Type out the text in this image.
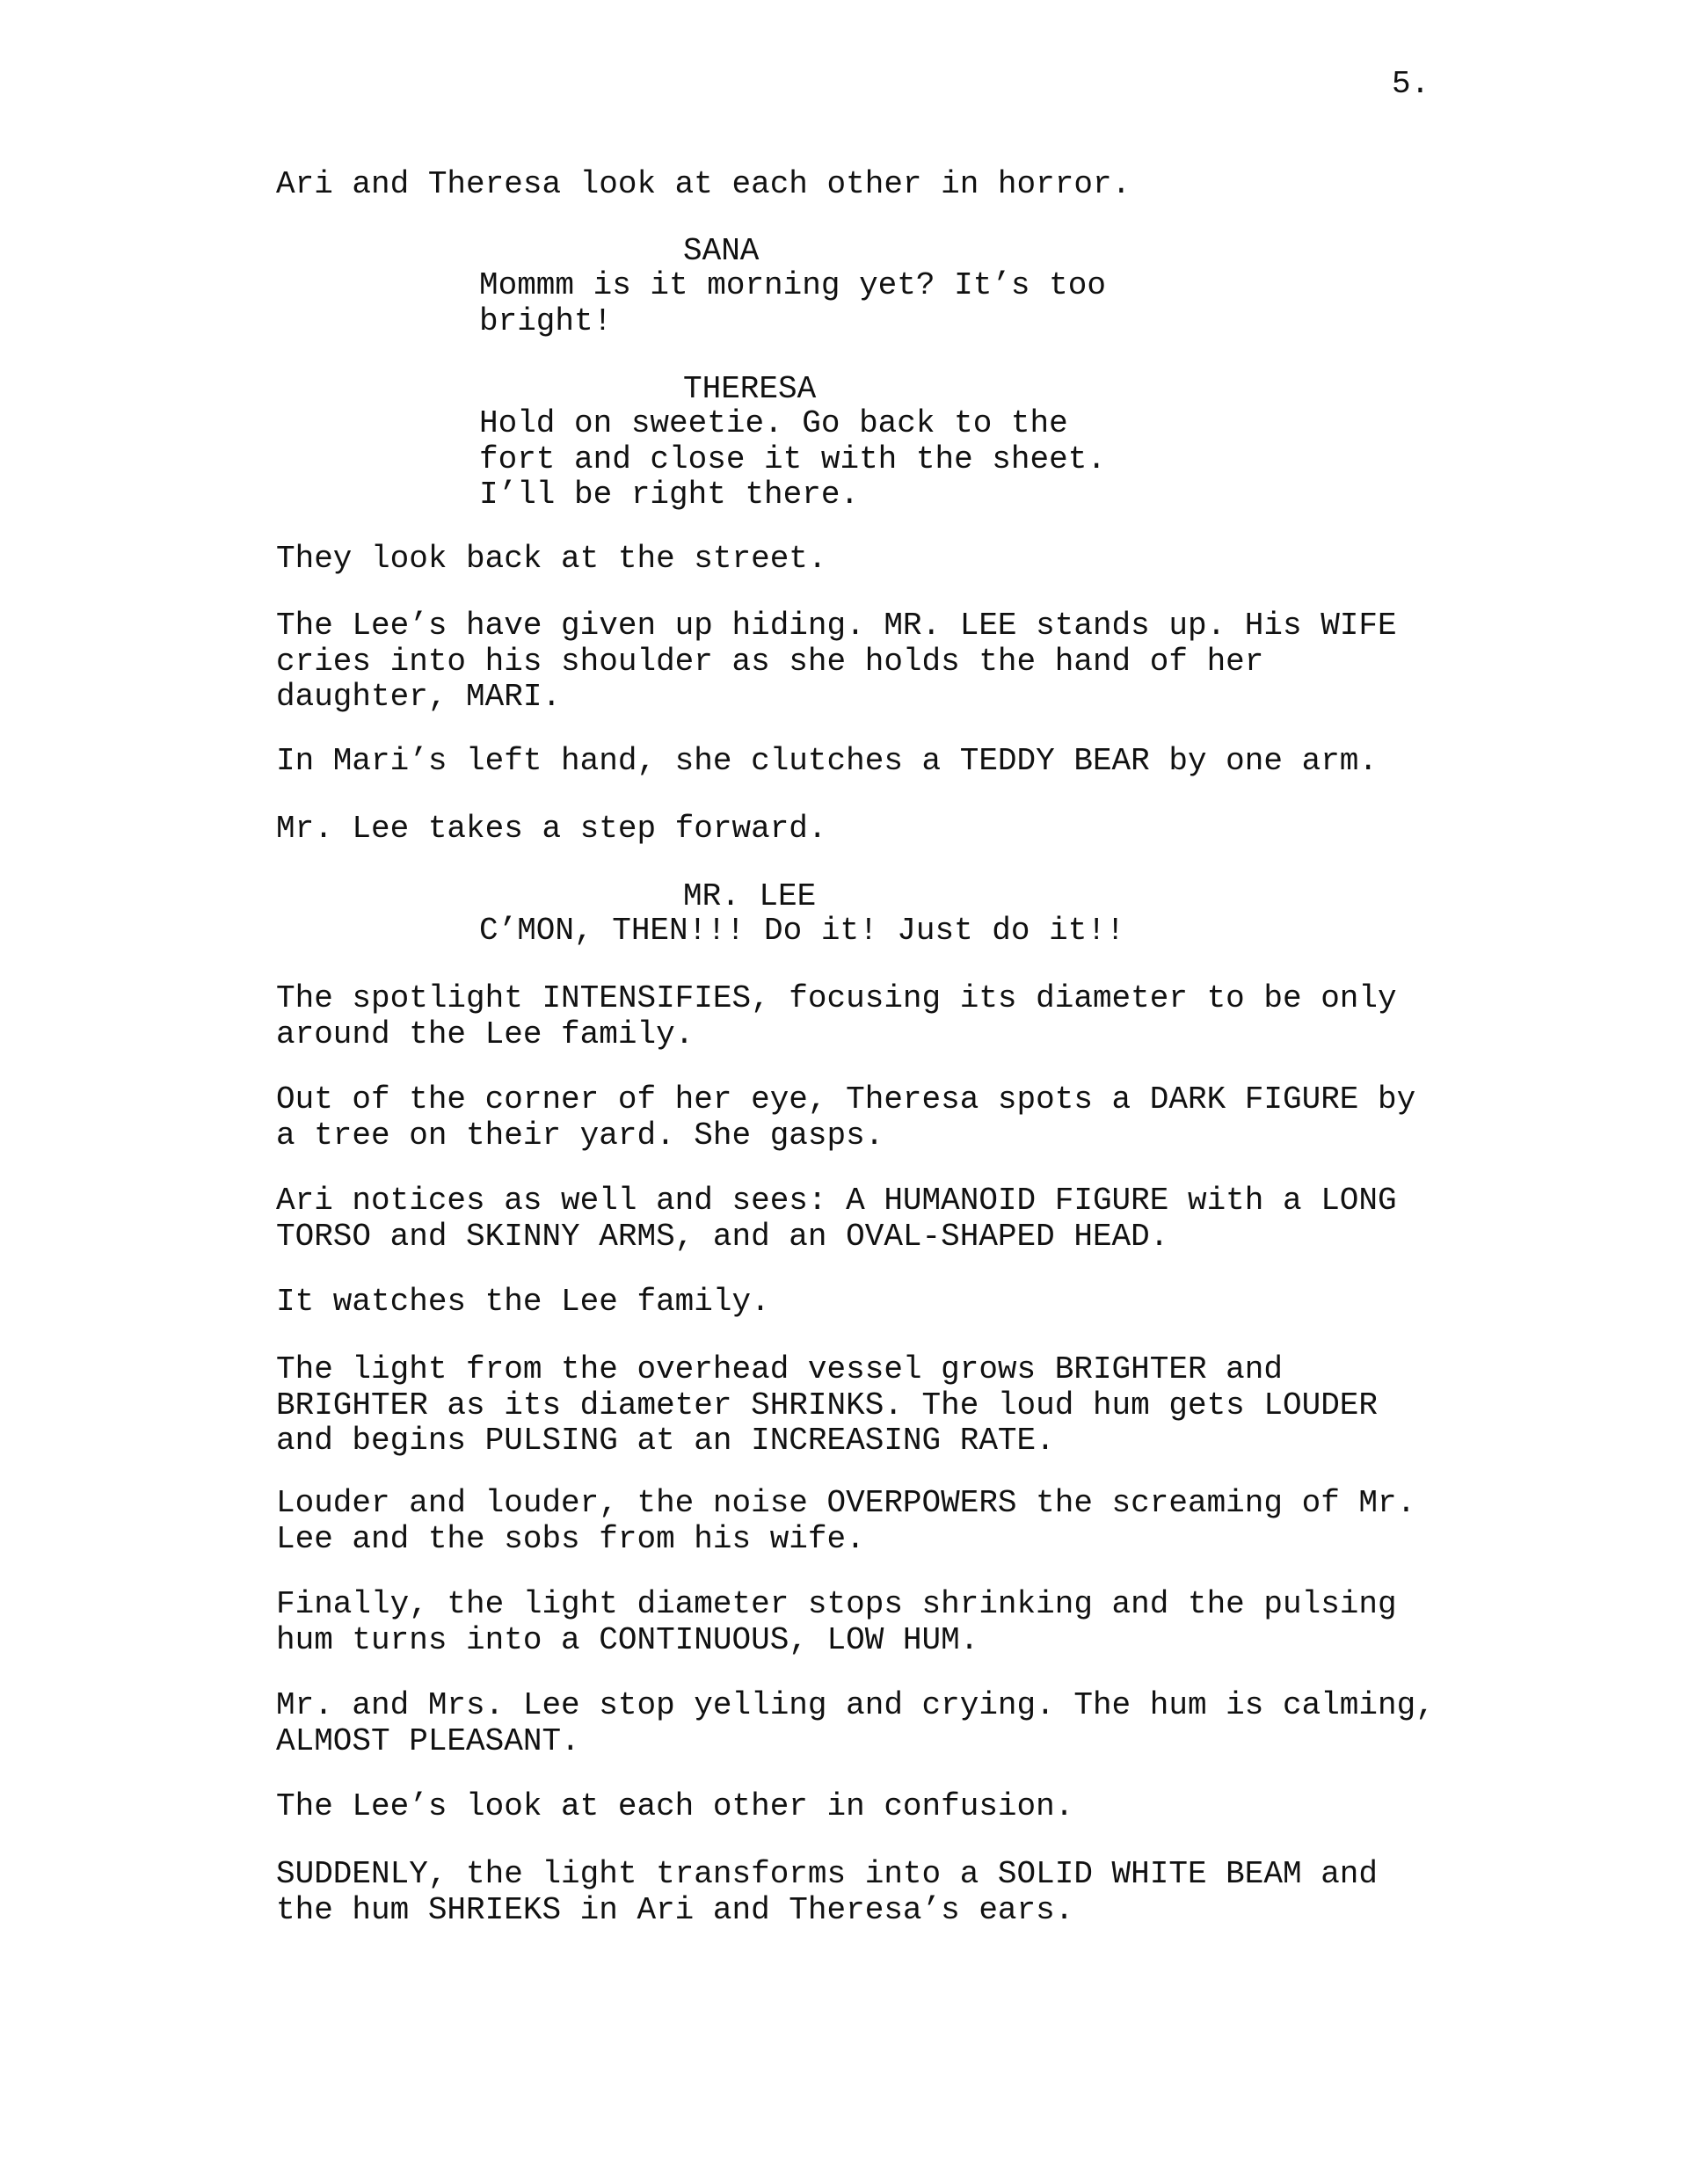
5.
Ari and Theresa look at each other in horror.
SANA
Mommm is it morning yet? It’s too
bright!
THERESA
Hold on sweetie. Go back to the
fort and close it with the sheet.
I’ll be right there.
They look back at the street.
The Lee’s have given up hiding. MR. LEE stands up. His WIFE
cries into his shoulder as she holds the hand of her
daughter, MARI.
In Mari’s left hand, she clutches a TEDDY BEAR by one arm.
Mr. Lee takes a step forward.
MR. LEE
C’MON, THEN!!! Do it! Just do it!!
The spotlight INTENSIFIES, focusing its diameter to be only
around the Lee family.
Out of the corner of her eye, Theresa spots a DARK FIGURE by
a tree on their yard. She gasps.
Ari notices as well and sees: A HUMANOID FIGURE with a LONG
TORSO and SKINNY ARMS, and an OVAL-SHAPED HEAD.
It watches the Lee family.
The light from the overhead vessel grows BRIGHTER and
BRIGHTER as its diameter SHRINKS. The loud hum gets LOUDER
and begins PULSING at an INCREASING RATE.
Louder and louder, the noise OVERPOWERS the screaming of Mr.
Lee and the sobs from his wife.
Finally, the light diameter stops shrinking and the pulsing
hum turns into a CONTINUOUS, LOW HUM.
Mr. and Mrs. Lee stop yelling and crying. The hum is calming,
ALMOST PLEASANT.
The Lee’s look at each other in confusion.
SUDDENLY, the light transforms into a SOLID WHITE BEAM and
the hum SHRIEKS in Ari and Theresa’s ears.
